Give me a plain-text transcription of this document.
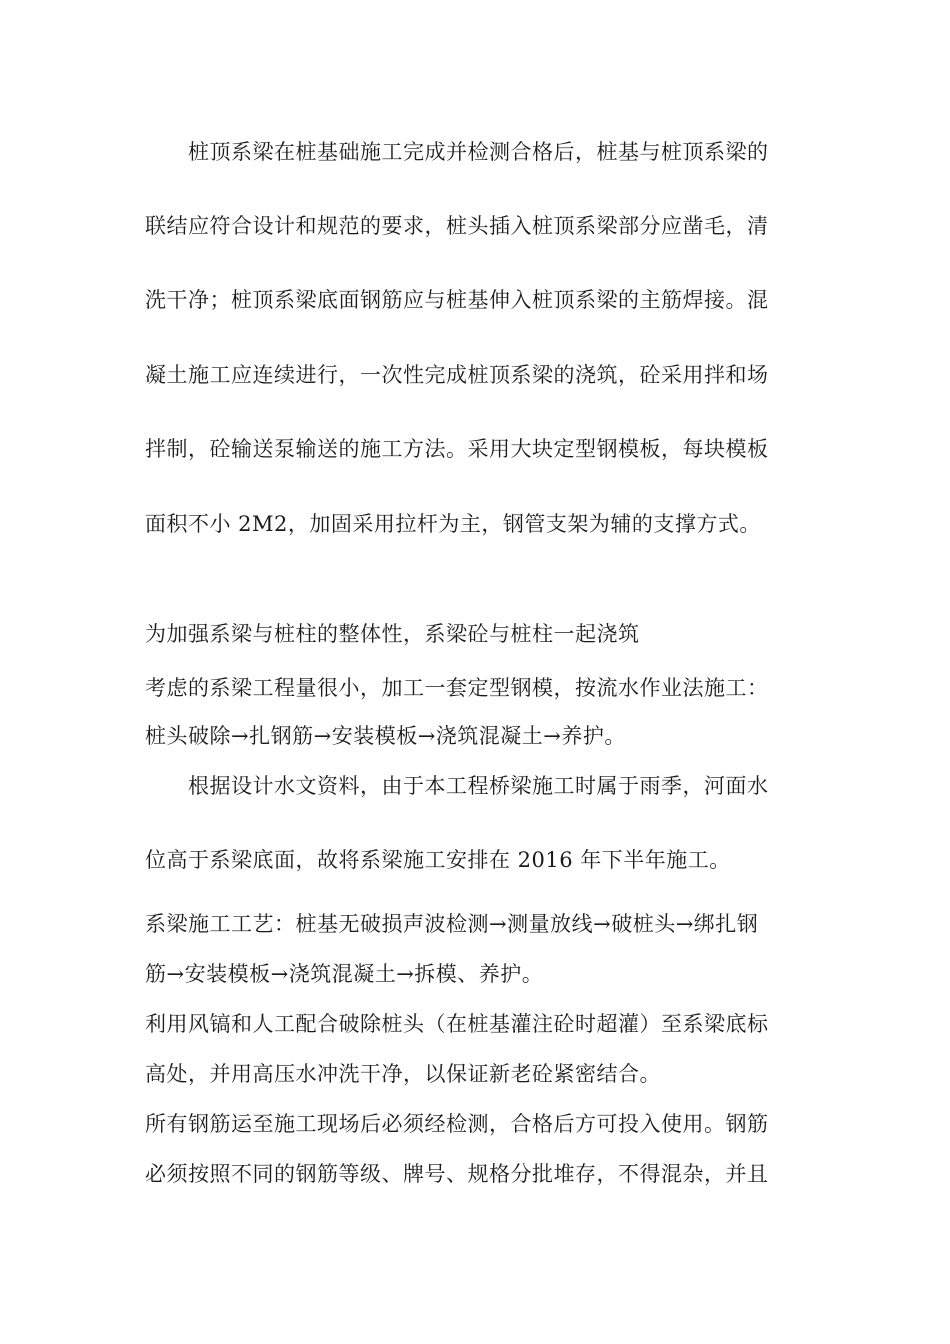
桩顶系梁在桩基础施工完成并检测合格后，桩基与桩顶系梁的

联结应符合设计和规范的要求，桩头插入桩顶系梁部分应凿毛，清

洗干净；桩顶系梁底面钢筋应与桩基伸入桩顶系梁的主筋焊接。混

凝土施工应连续进行，一次性完成桩顶系梁的浇筑，砼采用拌和场

拌制，砼输送泵输送的施工方法。采用大块定型钢模板，每块模板

面积不小 2M2，加固采用拉杆为主，钢管支架为辅的支撑方式。

为加强系梁与桩柱的整体性，系梁砼与桩柱一起浇筑

考虑的系梁工程量很小，加工一套定型钢模，按流水作业法施工：

桩头破除→扎钢筋→安装模板→浇筑混凝土→养护。

根据设计水文资料，由于本工程桥梁施工时属于雨季，河面水

位高于系梁底面，故将系梁施工安排在 2016 年下半年施工。

系梁施工工艺：桩基无破损声波检测→测量放线→破桩头→绑扎钢

筋→安装模板→浇筑混凝土→拆模、养护。

利用风镐和人工配合破除桩头（在桩基灌注砼时超灌）至系梁底标

高处，并用高压水冲洗干净，以保证新老砼紧密结合。

所有钢筋运至施工现场后必须经检测，合格后方可投入使用。钢筋

必须按照不同的钢筋等级、牌号、规格分批堆存，不得混杂，并且
